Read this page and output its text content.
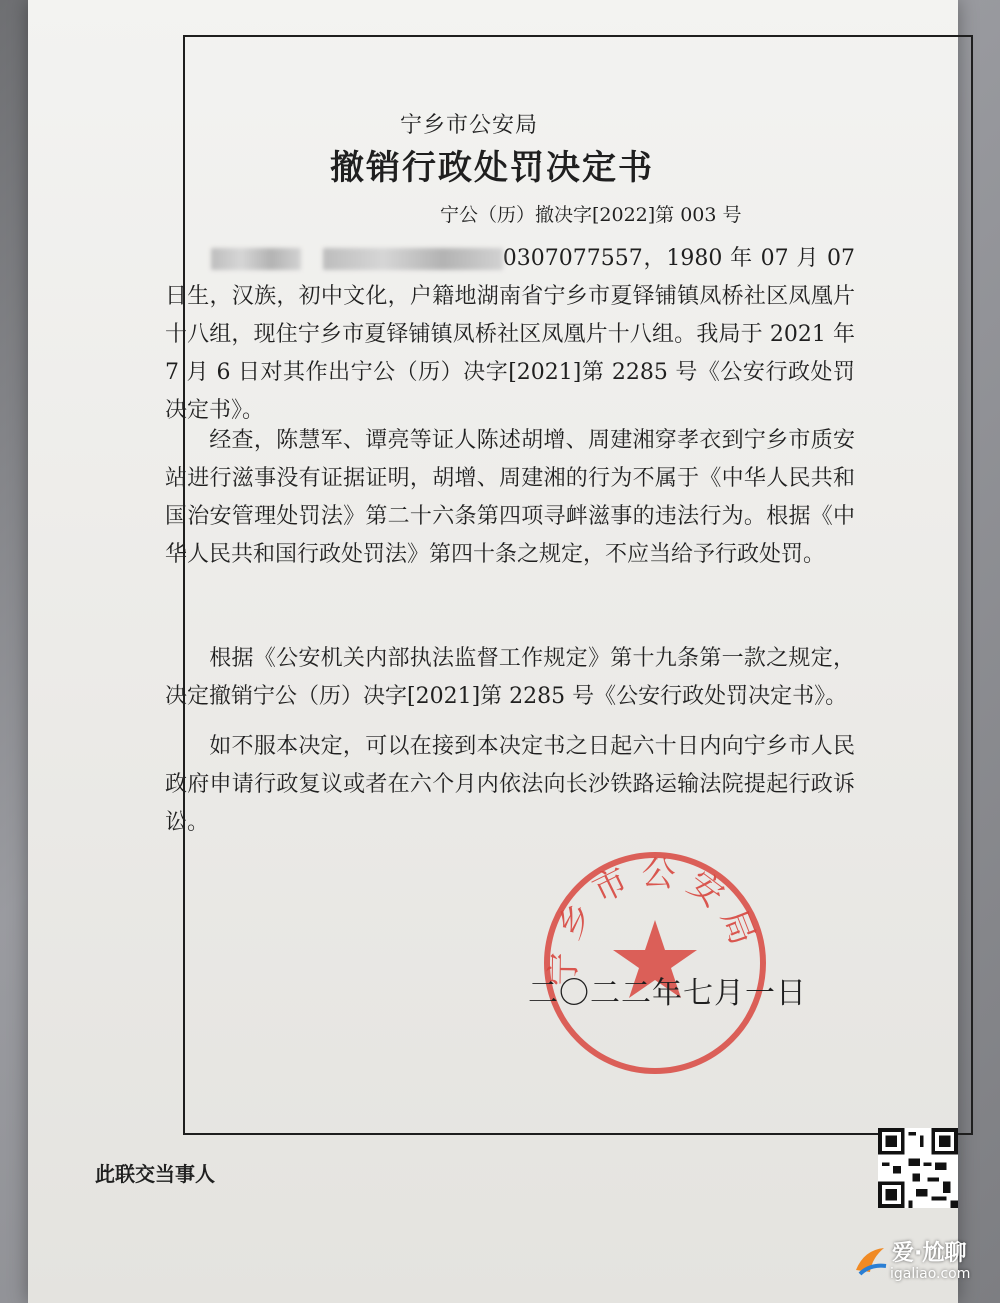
宁乡市公安局
撤销行政处罚决定书
宁公（历）撤决字[2022]第 003 号
0307077557，1980 年 07 月 07 日生，汉族，初中文化，户籍地湖南省宁乡市夏铎铺镇凤桥社区凤凰片十八组，现住宁乡市夏铎铺镇凤桥社区凤凰片十八组。我局于 2021 年 7 月 6 日对其作出宁公（历）决字[2021]第 2285 号《公安行政处罚决定书》。
经查，陈慧军、谭亮等证人陈述胡增、周建湘穿孝衣到宁乡市质安站进行滋事没有证据证明，胡增、周建湘的行为不属于《中华人民共和国治安管理处罚法》第二十六条第四项寻衅滋事的违法行为。根据《中华人民共和国行政处罚法》第四十条之规定，不应当给予行政处罚。
根据《公安机关内部执法监督工作规定》第十九条第一款之规定，决定撤销宁公（历）决字[2021]第 2285 号《公安行政处罚决定书》。
如不服本决定，可以在接到本决定书之日起六十日内向宁乡市人民政府申请行政复议或者在六个月内依法向长沙铁路运输法院提起行政诉讼。
宁乡市公安局
二〇二二年七月一日
此联交当事人
爱·尬聊
igaliao.com
